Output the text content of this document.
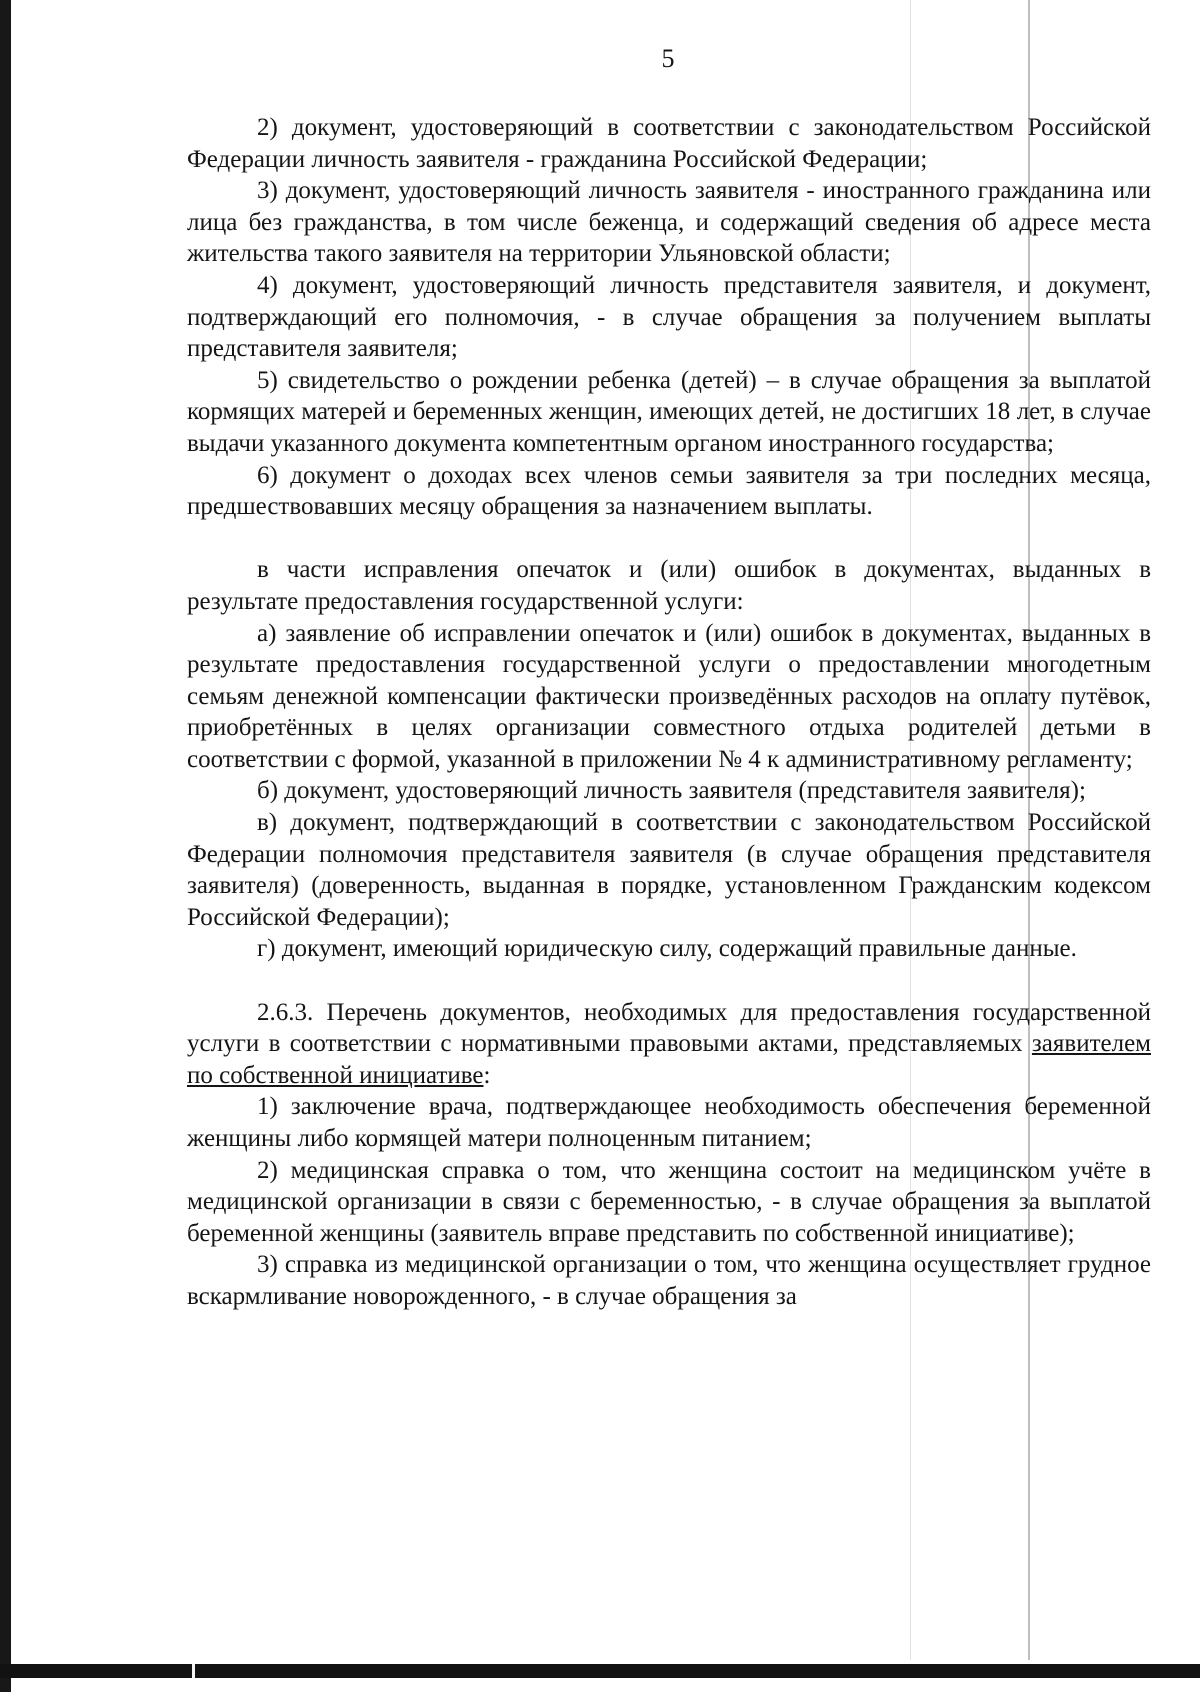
5

2) документ, удостоверяющий в соответствии с законодательством Российской Федерации личность заявителя - гражданина Российской Федерации;

3) документ, удостоверяющий личность заявителя - иностранного гражданина или лица без гражданства, в том числе беженца, и содержащий сведения об адресе места жительства такого заявителя на территории Ульяновской области;

4) документ, удостоверяющий личность представителя заявителя, и документ, подтверждающий его полномочия, - в случае обращения за получением выплаты представителя заявителя;

5) свидетельство о рождении ребенка (детей) – в случае обращения за выплатой кормящих матерей и беременных женщин, имеющих детей, не достигших 18 лет, в случае выдачи указанного документа компетентным органом иностранного государства;

6) документ о доходах всех членов семьи заявителя за три последних месяца, предшествовавших месяцу обращения за назначением выплаты.

в части исправления опечаток и (или) ошибок в документах, выданных в результате предоставления государственной услуги:

а) заявление об исправлении опечаток и (или) ошибок в документах, выданных в результате предоставления государственной услуги о предоставлении многодетным семьям денежной компенсации фактически произведённых расходов на оплату путёвок, приобретённых в целях организации совместного отдыха родителей детьми в соответствии с формой, указанной в приложении № 4 к административному регламенту;

б) документ, удостоверяющий личность заявителя (представителя заявителя);

в) документ, подтверждающий в соответствии с законодательством Российской Федерации полномочия представителя заявителя (в случае обращения представителя заявителя) (доверенность, выданная в порядке, установленном Гражданским кодексом Российской Федерации);

г) документ, имеющий юридическую силу, содержащий правильные данные.

2.6.3. Перечень документов, необходимых для предоставления государственной услуги в соответствии с нормативными правовыми актами, представляемых заявителем по собственной инициативе:

1) заключение врача, подтверждающее необходимость обеспечения беременной женщины либо кормящей матери полноценным питанием;

2) медицинская справка о том, что женщина состоит на медицинском учёте в медицинской организации в связи с беременностью, - в случае обращения за выплатой беременной женщины (заявитель вправе представить по собственной инициативе);

3) справка из медицинской организации о том, что женщина осуществляет грудное вскармливание новорожденного, - в случае обращения за
